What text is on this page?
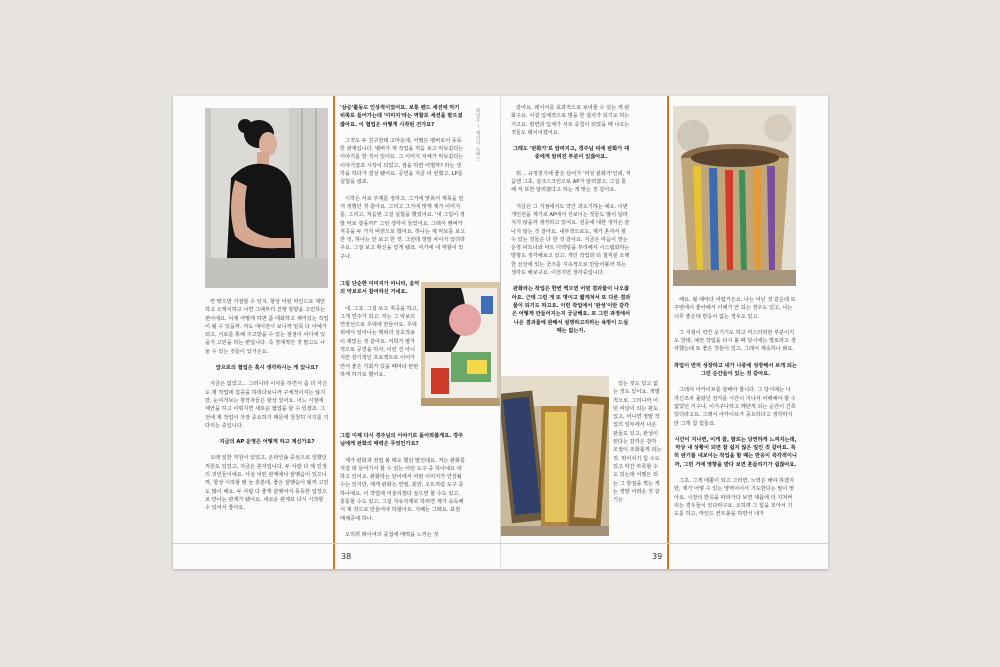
면 맞으면 거절할 수 있지. 항상 어떤 마인드로 제안하고 오케이하고 나면 그때부터 진행 방향을 고민하는 편이에요. 이제 어떻게 하면 좀 대화하고 재미있는 작업이 될 수 있을까. 저도 에이전시 보니까 얻목 다 아예가 되고, 서로를 통해 주고받을 수 있는 점점이 어디에 있을지 고민을 하는 편입니다. 즉 경계적인 것 말고도 나눌 수 있는 것들이 있거든요.

앞으로의 협업은 혹시 생각하시는 게 있나요?

지금은 없었고… 그러나라 이사를 하면서 좀 더 자신도 제 작업에 집중을 하려다보니까 구체적이지는 않지만, 눈여겨보는 창작자들은 항상 있어요. 어느 시점에 제안을 하고 이뤄지면 새로운 협업을 할 수 있겠죠. 그 전에 제 작업이 가장 중요하기 때문에 천천히 시기를 기다리는 중입니다.

지금의 AP 운영은 어떻게 하고 계신가요?

오래 일한 직원이 있었고, 온라인숍 중심으로 일했던 직원도 있었고, 지금은 혼자입니다. 두 사람 다 제 인생의 귀인들이에요. 사실 어떤 관계에나 끝맺음이 있으니까, 항상 시작할 땐 늘 흥분데, 좋은 끝맺음이 될까 고민도 많이 해요. 두 사람 다 좋게 끝맺어서 동등한 입장으로 만나는 관계가 됐어요. 새로운 관계로 다시 시작할 수 있어서 좋아요.

최경주 — 에이피 프레스

'삼승'활동도 인상적이었어요. 보통 밴드 세션에 악기 뒤쪽로 들어가는데 '이미지'라는 역할로 세션을 맡으셨잖아요. 이 협업은 어떻게 시작된 건가요?

그것도 두 친구한테 고마운데, 어쨌든 멤버로서 동등한 관계입니다. 멤버가 제 작업을 처음 보고 악보같다는 이야기를 한 적이 있어요. 그 이미지 자체가 악보같다는 이야기였죠 시작이 되었고, 점을 하면 어떨까? 라는 생각을 하다가 결성 됐어요. 공연을 지금 더 빈했고, LP를 실험을 냈죠.

시작은 서로 주제를 정하고, 그거에 맞춰서 제목을 먼저 정했던 것 같아요. 그리고 그거에 맞게 제가 이미지를, 그리고, 처음엔 그걸 실험을 했었어요. '내 그림이 정말 악보 같을까?' 그런 생각이 들었어요. 그래서 멤버가 직곡을 두 가지 버전으로 했어요. 하나는 제 악보를 보고 한 것, 하나는 안 보고 한 것. 그런데 정말 차이가 있더라구요. 그걸 보고 확신을 얻게 됐죠. 여기에 내 역할이 있구나.

그림 단순한 이미지가 아니라, 음악의 악보로서 참여하신 거네요.

네, 그죠. 그걸 보고 직곡을 하고, 그게 연주가 되고. 저는 그 악보의 연장선으로 무대에 만들어요. 무대 위에서 일어나는 행위의 상호작용이 재밌는 것 같아요. 저희가 평가적으로 공연을 하자, 이런 건 아니지만 장기적인 프로젝트로 이어가면서 좋은 기회가 있을 때마다 탄탄하게 하기로 했어요.

그럼 이제 다시 경주님의 이야기로 돌아와볼게요. 경주님에게 판화의 매력은 무엇인가요?

제가 판화과 전업 볼 때도 했던 말인데요. 저는 판화를 직접 데 들어가서 할 수 있는 어떤 도구 중 하나네요 대하고 있어요. 판화라는 단어에서 어떤 이미지가 연상될 수는 있지만, 제게 판화는 연필, 붓만, 오트처럼 도구 중 하나예요. 이 작업에 어울리겠다 싶으면 할 수도 있고, 흥롱할 수도 있고, 그걸 자유자재로 하려면 제가 숙독해서 제 것으로 만들어야 하잖아요. 지혜는 그래요. 표현 매체중에 하나.

오히려 레이어의 중첩에 매력을 느끼는 것

38

같아요. 레이어를 효과적으로 보여줄 수 있는 게 판화구요. 이걸 입체적으로 평을 한 설치가 되기도 하는 거고요. 평면과 입체가 서로 중첩이 되었을 때 나오는 것들도 레이어겠어요.

그래도 '판화가'로 알려지고, 경주님 덕에 판화가 대중에게 알려진 부분이 있잖아요.

뭐… 규정짓기에 좋은 단어가 '미성 판화가'인데, 처음엔 그초, 실크스크린으로 AP가 알려졌고, 그걸 통해 저 또한 알려졌다고 하는 게 맞는 것 같아요.

지금은 그 지점에서도 약간 과도기하는 예요. 이번 개인전을 계기로 AP에서 선보이는 것들도 많이 달라지지 않을까 생각하고 있어요. 전공에 대한 생각은 끝나지 않는 것 같아요. 내부적으로도, 제가 혼자서 할 수 있는 것들은 다 한 것 같아요. 지금은 마음이 맞는 운영 파트너와 머트 디렉팅을 부리해서 시스템화하는 방향도 생각해보고 있고, 개인 작업과 더 철저분 오랫한 선상에 있는 굿즈를 지속적으로 만들어볼까 하는 생각도 해보구요. 이전지면 생각중입니다.

판화라는 작업은 한번 찍으면 어떤 결과물이 나오잖아요. 근데 그런 게 또 명이고 짧게처서 또 다른 결과물이 되기도 하고요. 이런 작업에서 '완성'이란 감각은 어떻게 만들어지는지 궁금해요. 또 그런 과정에서 나온 결과물에 관해서 설명하고자하는 욕망이 드실 때는 없는지.

있는 것도 있고 없는 것도 있어요. 개별적으로. 그리니까 어떤 비탕이 되는 판도 있고, 어니면 정말 작업의 일부에서 나온 판들도 있고, 완성이 된다는 감각은 감각 조절이 조화롭게 되는 것. 뭐어치기 힘 수도 있고 악간 부족할 수도 있는데 어쨌든 되는 그 방점을 찍는 게는 정말 어려운 것 같기는

해요. 될 때마다 어렵거든요. 나는 어닌 것 같은데 또 주변에서 좋아해서 이해가 안 되는 경우도 있고, 나는 너무 좋은데 반응이 없는 경우도 있고.

그 지점이 약간 웃기기도 하고 미스터리한 부분이기도 한데, 예전 작업을 다시 볼 때 당시에는 별로라고 생각했는데 또 좋은 것들이 있고, 그래서 계속하나 봐요.

작업이 면저 성장하고 내가 나중에 성장해서 보게 되는 그런 순간들이 있는 것 같아요.

그래서 아카이브를 잘해야 합니다. 그 당시에는 나 자신조차 몰랐던 전가를 시간이 지나서 어해해야 할 수 없었던 거구나, 이거구나하고 깨닫게 되는 순간이 간혹 있더라고요. 그래서 아카이브가 중요하다고 생각하지만 그게 참 힘들죠.

시간이 지나면, 이게 참, 말로는 당연하게 느껴지는데, 막상 내 상황이 되면 참 쉽지 않은 일인 것 같아요. 특히 판기를 내보이는 작업을 할 때는 반응이 즉각적이니까, 그런 거에 영향을 받다 보면 흔들리기가 쉽잖아요.

그초, 그게 애쫓이 되고 그러면, 노력은 해야 하겠지만, 제가 어떻 수 있는 영역이어서 기도한다는 말이 맞아요. 시장의 반응을 따라가다 보면 제품에 더 지쳐버리는 경우들이 있다라구요. 오히려 그 힘을 모아서 기도를 하고, 마인드 컨트롤을 하면서 내가

39
